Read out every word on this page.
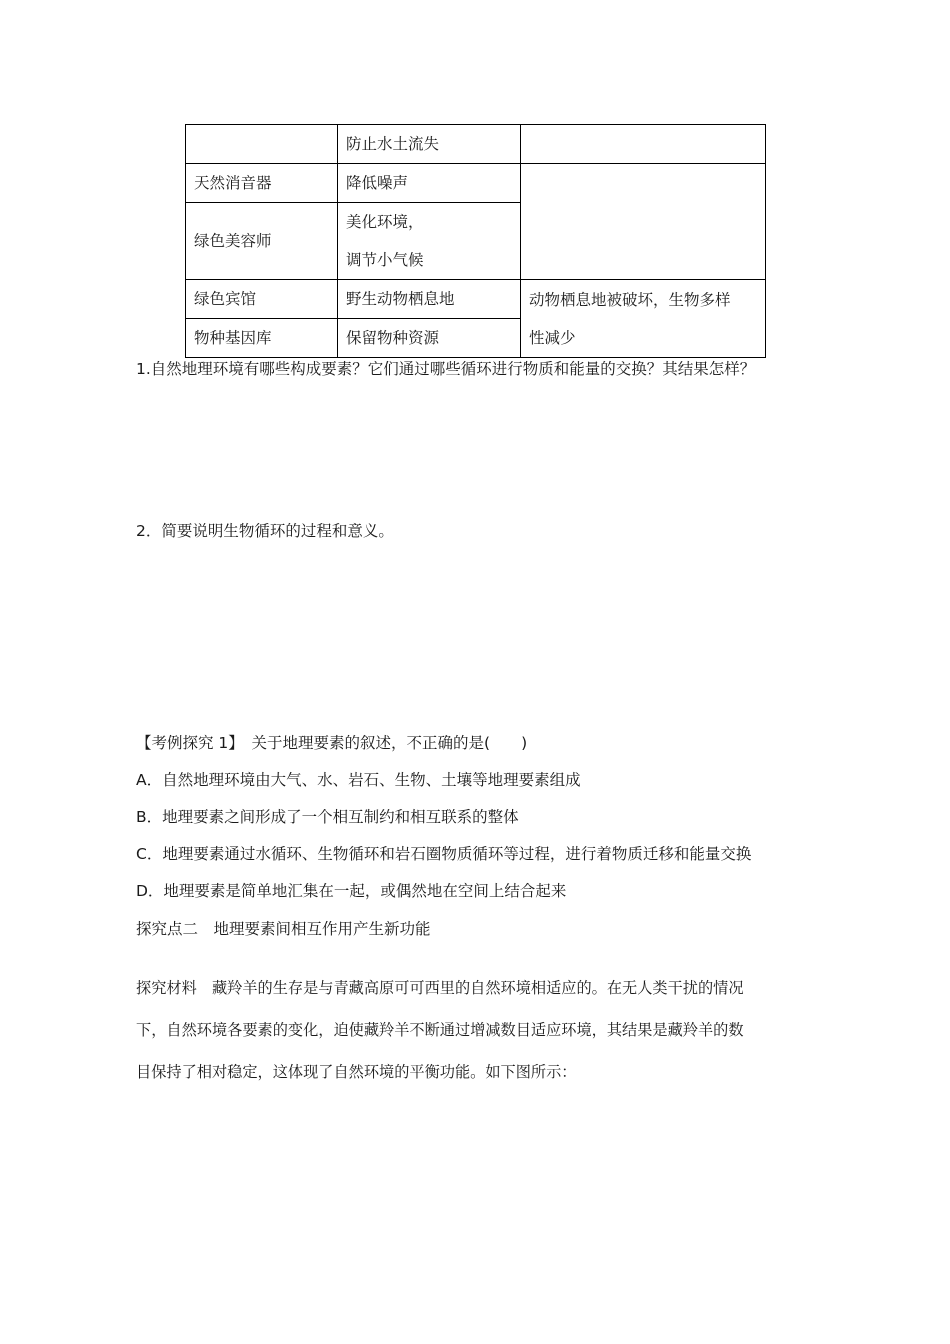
	防止水土流失	
天然消音器	降低噪声	
绿色美容师	美化环境，
调节小气候	

绿色宾馆	野生动物栖息地	动物栖息地被破坏，生物多样
性减少

物种基因库	保留物种资源	
1.自然地理环境有哪些构成要素？它们通过哪些循环进行物质和能量的交换？其结果怎样？
2．简要说明生物循环的过程和意义。
【考例探究 1】　关于地理要素的叙述，不正确的是(　　)
A．自然地理环境由大气、水、岩石、生物、土壤等地理要素组成
B．地理要素之间形成了一个相互制约和相互联系的整体
C．地理要素通过水循环、生物循环和岩石圈物质循环等过程，进行着物质迁移和能量交换
D．地理要素是简单地汇集在一起，或偶然地在空间上结合起来
探究点二　地理要素间相互作用产生新功能
探究材料　藏羚羊的生存是与青藏高原可可西里的自然环境相适应的。在无人类干扰的情况
下，自然环境各要素的变化，迫使藏羚羊不断通过增减数目适应环境，其结果是藏羚羊的数
目保持了相对稳定，这体现了自然环境的平衡功能。如下图所示：
